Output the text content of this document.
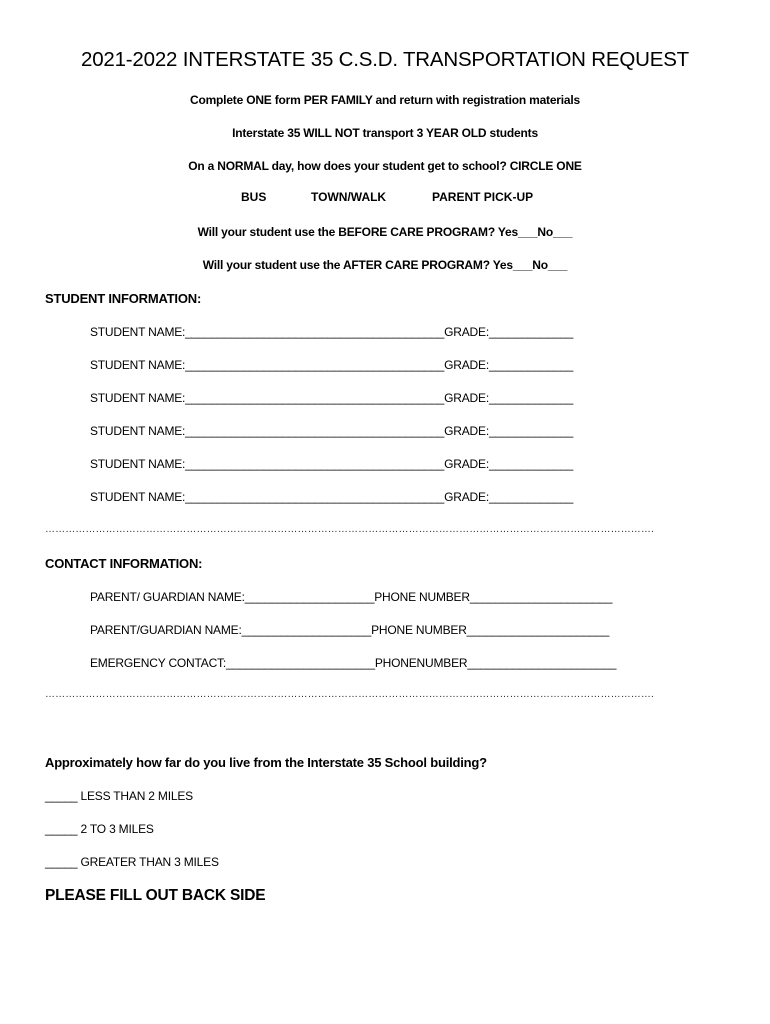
2021-2022 INTERSTATE 35 C.S.D. TRANSPORTATION REQUEST
Complete ONE form PER FAMILY and return with registration materials
Interstate 35 WILL NOT transport 3 YEAR OLD students
On a NORMAL day, how does your student get to school? CIRCLE ONE
BUS	TOWN/WALK	PARENT PICK-UP
Will your student use the BEFORE CARE PROGRAM? Yes___No___
Will your student use the AFTER CARE PROGRAM? Yes___No___
STUDENT INFORMATION:
STUDENT NAME:________________________________________GRADE:_____________
STUDENT NAME:________________________________________GRADE:_____________
STUDENT NAME:________________________________________GRADE:_____________
STUDENT NAME:________________________________________GRADE:_____________
STUDENT NAME:________________________________________GRADE:_____________
STUDENT NAME:________________________________________GRADE:_____________
……………………………………………………………………………………………………………………………………………………………….
CONTACT INFORMATION:
PARENT/ GUARDIAN NAME:____________________PHONE NUMBER______________________
PARENT/GUARDIAN NAME:____________________PHONE NUMBER______________________
EMERGENCY CONTACT:_______________________PHONENUMBER_______________________
……………………………………………………………………………………………………………………………………………………………….
Approximately how far do you live from the Interstate 35 School building?
_____ LESS THAN 2 MILES
_____ 2 TO 3 MILES
_____ GREATER THAN 3 MILES
PLEASE FILL OUT BACK SIDE
